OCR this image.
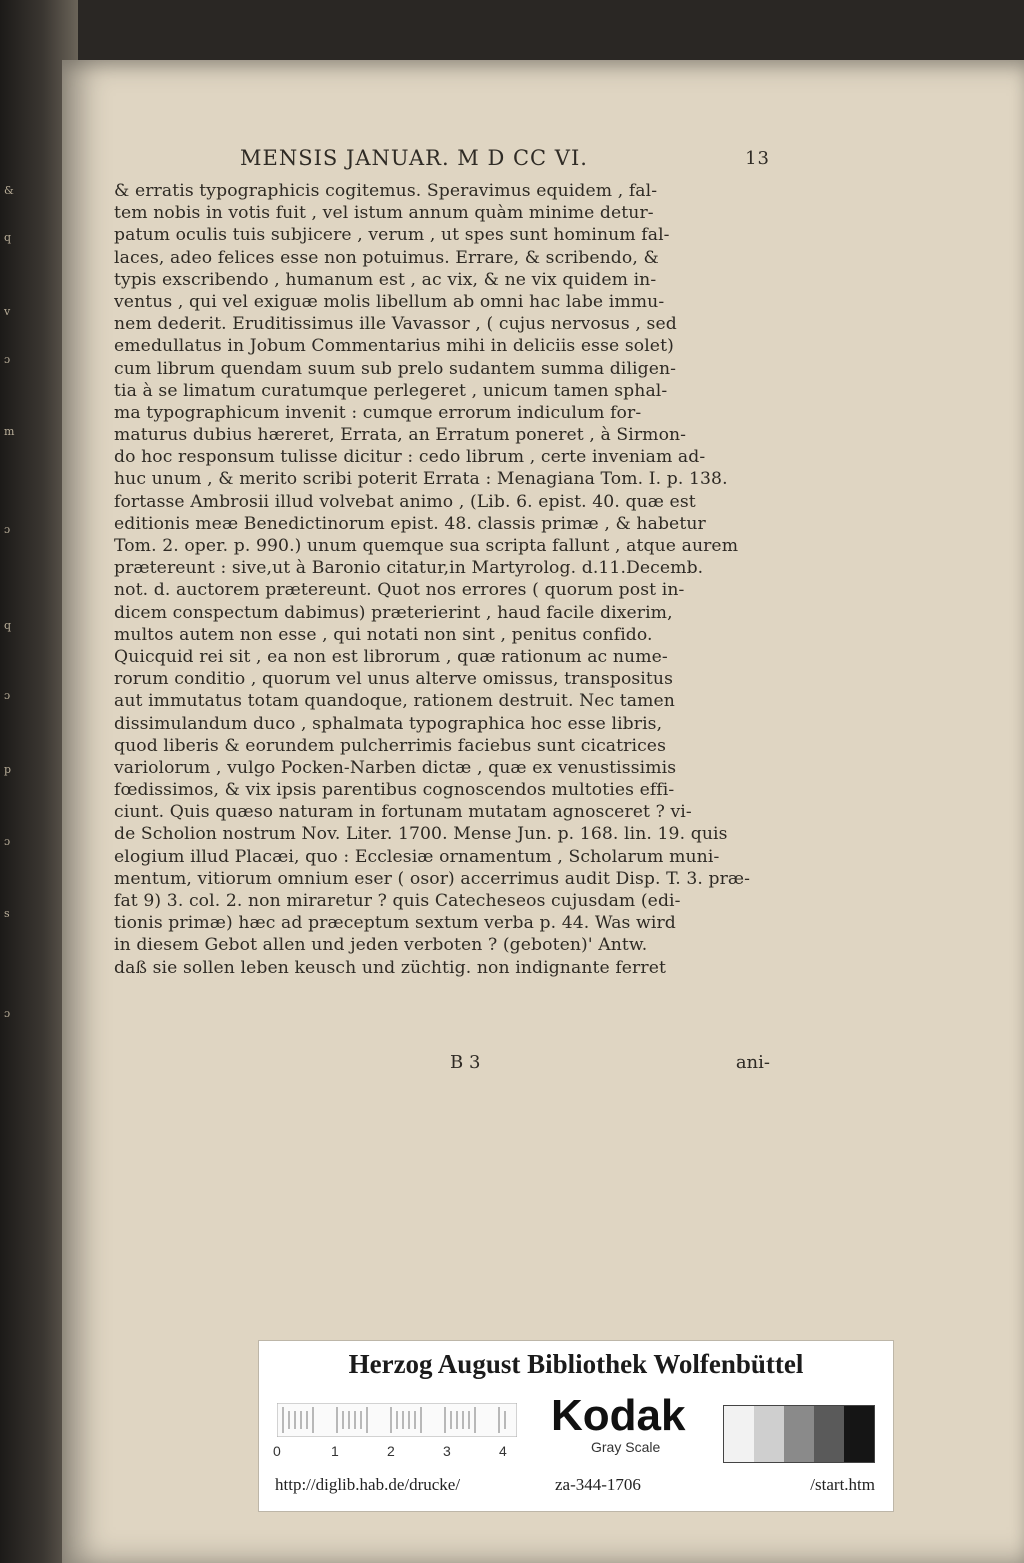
&
q
v
ɔ
m
ɔ
q
ɔ
p
ɔ
s
ɔ
MENSIS JANUAR. M D CC VI.	13
& erratis typographicis cogitemus. Speravimus equidem , fal-
tem nobis in votis fuit , vel istum annum quàm minime detur-
patum oculis tuis subjicere , verum , ut spes sunt hominum fal-
laces, adeo felices esse non potuimus. Errare, & scribendo, &
typis exscribendo , humanum est , ac vix, & ne vix quidem in-
ventus , qui vel exiguæ molis libellum ab omni hac labe immu-
nem dederit. Eruditissimus ille Vavassor , ( cujus nervosus , sed
emedullatus in Jobum Commentarius mihi in deliciis esse solet)
cum librum quendam suum sub prelo sudantem summa diligen-
tia à se limatum curatumque perlegeret , unicum tamen sphal-
ma typographicum invenit : cumque errorum indiculum for-
maturus dubius hæreret, Errata, an Erratum poneret , à Sirmon-
do hoc responsum tulisse dicitur : cedo librum , certe inveniam ad-
huc unum , & merito scribi poterit Errata : Menagiana Tom. I. p. 138.
fortasse Ambrosii illud volvebat animo , (Lib. 6. epist. 40. quæ est
editionis meæ Benedictinorum epist. 48. classis primæ , & habetur
Tom. 2. oper. p. 990.) unum quemque sua scripta fallunt , atque aurem
prætereunt : sive,ut à Baronio citatur,in Martyrolog. d.11.Decemb.
not. d. auctorem prætereunt. Quot nos errores ( quorum post in-
dicem conspectum dabimus) præterierint , haud facile dixerim,
multos autem non esse , qui notati non sint , penitus confido.
Quicquid rei sit , ea non est librorum , quæ rationum ac nume-
rorum conditio , quorum vel unus alterve omissus, transpositus
aut immutatus totam quandoque, rationem destruit. Nec tamen
dissimulandum duco , sphalmata typographica hoc esse libris,
quod liberis & eorundem pulcherrimis faciebus sunt cicatrices
variolorum , vulgo Pocken-Narben dictæ , quæ ex venustissimis
fœdissimos, & vix ipsis parentibus cognoscendos multoties effi-
ciunt. Quis quæso naturam in fortunam mutatam agnosceret ? vi-
de Scholion nostrum Nov. Liter. 1700. Mense Jun. p. 168. lin. 19. quis
elogium illud Placæi, quo : Ecclesiæ ornamentum , Scholarum muni-
mentum, vitiorum omnium eser ( osor) accerrimus audit Disp. T. 3. præ-
fat 9) 3. col. 2. non miraretur ? quis Catecheseos cujusdam (edi-
tionis primæ) hæc ad præceptum sextum verba p. 44. Was wird
in diesem Gebot allen und jeden verboten ? (geboten)' Antw.
daß sie sollen leben keusch und züchtig. non indignante ferret
B 3	ani-
Herzog August Bibliothek Wolfenbüttel
0	1	2	3	4
Kodak
Gray Scale
http://diglib.hab.de/drucke/	za-344-1706	/start.htm
